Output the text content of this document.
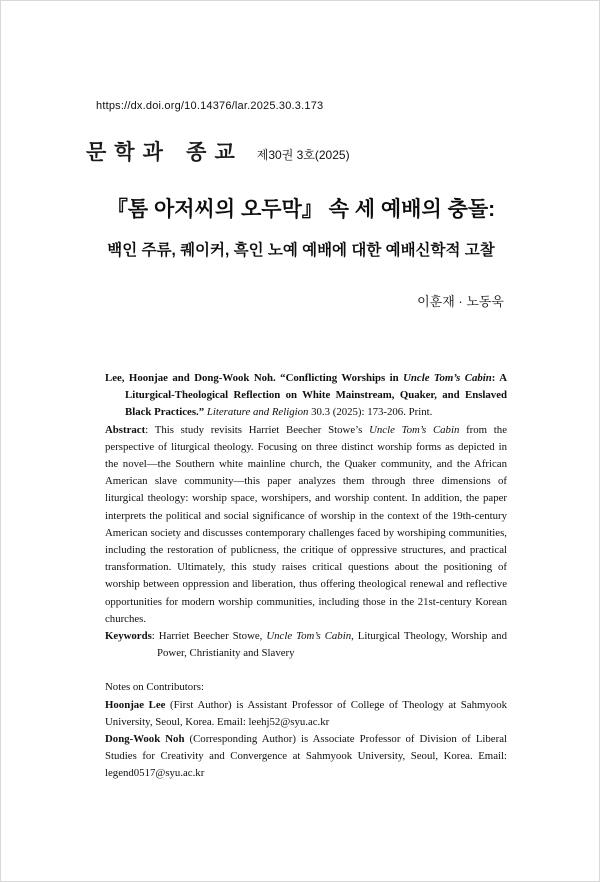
https://dx.doi.org/10.14376/lar.2025.30.3.173
문학과 종교 제30권 3호(2025)
『톰 아저씨의 오두막』 속 세 예배의 충돌:
백인 주류, 퀘이커, 흑인 노예 예배에 대한 예배신학적 고찰
이훈재 · 노동욱

Lee, Hoonjae and Dong-Wook Noh. “Conflicting Worships in Uncle Tom’s Cabin: A Liturgical-Theological Reflection on White Mainstream, Quaker, and Enslaved Black Practices.” Literature and Religion 30.3 (2025): 173-206. Print.

Abstract: This study revisits Harriet Beecher Stowe’s Uncle Tom’s Cabin from the perspective of liturgical theology. Focusing on three distinct worship forms as depicted in the novel—the Southern white mainline church, the Quaker community, and the African American slave community—this paper analyzes them through three dimensions of liturgical theology: worship space, worshipers, and worship content. In addition, the paper interprets the political and social significance of worship in the context of the 19th-century American society and discusses contemporary challenges faced by worshiping communities, including the restoration of publicness, the critique of oppressive structures, and practical transformation. Ultimately, this study raises critical questions about the positioning of worship between oppression and liberation, thus offering theological renewal and reflective opportunities for modern worship communities, including those in the 21st-century Korean churches.

Keywords: Harriet Beecher Stowe, Uncle Tom’s Cabin, Liturgical Theology, Worship and Power, Christianity and Slavery

Notes on Contributors:

Hoonjae Lee (First Author) is Assistant Professor of College of Theology at Sahmyook University, Seoul, Korea. Email: leehj52@syu.ac.kr

Dong-Wook Noh (Corresponding Author) is Associate Professor of Division of Liberal Studies for Creativity and Convergence at Sahmyook University, Seoul, Korea. Email: legend0517@syu.ac.kr
